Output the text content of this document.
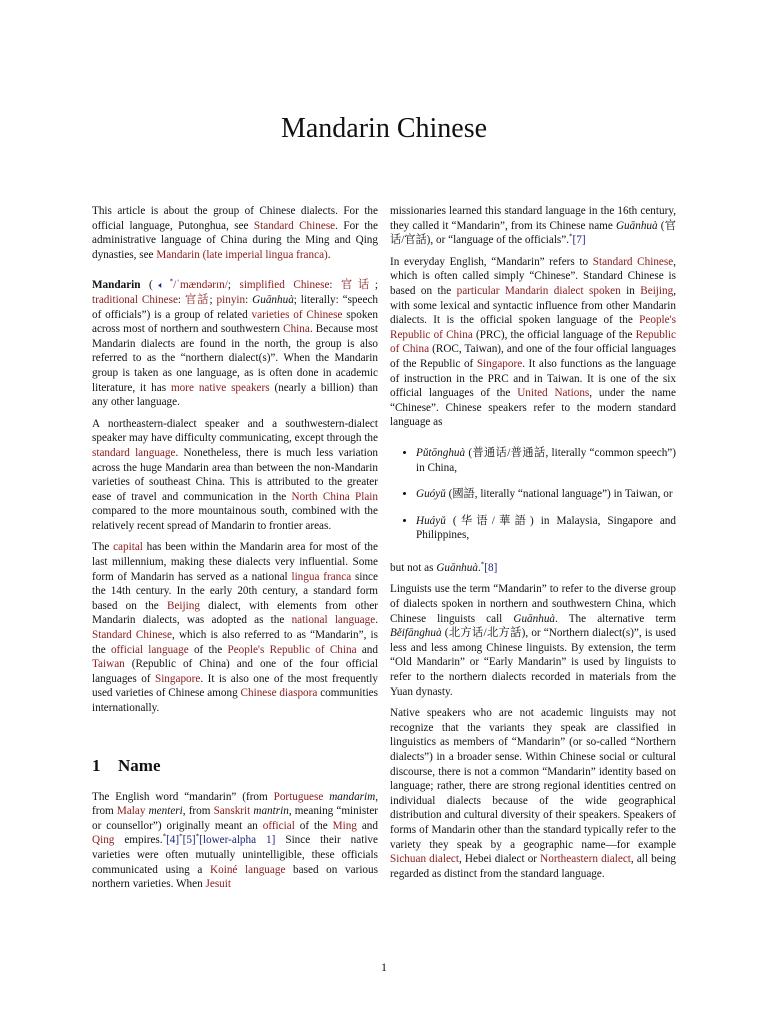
Mandarin Chinese

This article is about the group of Chinese dialects. For the official language, Putonghua, see Standard Chinese. For the administrative language of China during the Ming and Qing dynasties, see Mandarin (late imperial lingua franca).

Mandarin (🔈︎*/ˈmændərɪn/; simplified Chinese: 官话; traditional Chinese: 官話; pinyin: Guānhuà; literally: “speech of officials”) is a group of related varieties of Chinese spoken across most of northern and southwestern China. Because most Mandarin dialects are found in the north, the group is also referred to as the “northern dialect(s)”. When the Mandarin group is taken as one language, as is often done in academic literature, it has more native speakers (nearly a billion) than any other language.

A northeastern-dialect speaker and a southwestern-dialect speaker may have difficulty communicating, except through the standard language. Nonetheless, there is much less variation across the huge Mandarin area than between the non-Mandarin varieties of southeast China. This is attributed to the greater ease of travel and communication in the North China Plain compared to the more mountainous south, combined with the relatively recent spread of Mandarin to frontier areas.

The capital has been within the Mandarin area for most of the last millennium, making these dialects very influential. Some form of Mandarin has served as a national lingua franca since the 14th century. In the early 20th century, a standard form based on the Beijing dialect, with elements from other Mandarin dialects, was adopted as the national language. Standard Chinese, which is also referred to as “Mandarin”, is the official language of the People's Republic of China and Taiwan (Republic of China) and one of the four official languages of Singapore. It is also one of the most frequently used varieties of Chinese among Chinese diaspora communities internationally.

1 Name

The English word “mandarin” (from Portuguese mandarim, from Malay menteri, from Sanskrit mantrin, meaning “minister or counsellor”) originally meant an official of the Ming and Qing empires.*[4]*[5]*[lower-alpha 1] Since their native varieties were often mutually unintelligible, these officials communicated using a Koiné language based on various northern varieties. When Jesuit

missionaries learned this standard language in the 16th century, they called it “Mandarin”, from its Chinese name Guānhuà (官话/官話), or “language of the officials”.*[7]

In everyday English, “Mandarin” refers to Standard Chinese, which is often called simply “Chinese”. Standard Chinese is based on the particular Mandarin dialect spoken in Beijing, with some lexical and syntactic influence from other Mandarin dialects. It is the official spoken language of the People's Republic of China (PRC), the official language of the Republic of China (ROC, Taiwan), and one of the four official languages of the Republic of Singapore. It also functions as the language of instruction in the PRC and in Taiwan. It is one of the six official languages of the United Nations, under the name “Chinese”. Chinese speakers refer to the modern standard language as

• Pǔtōnghuà (普通话/普通話, literally “common speech”) in China,
• Guóyǔ (國語, literally “national language”) in Taiwan, or
• Huáyǔ (华语/華語) in Malaysia, Singapore and Philippines,

but not as Guānhuà.*[8]

Linguists use the term “Mandarin” to refer to the diverse group of dialects spoken in northern and southwestern China, which Chinese linguists call Guānhuà. The alternative term Běifānghuà (北方话/北方話), or “Northern dialect(s)”, is used less and less among Chinese linguists. By extension, the term “Old Mandarin” or “Early Mandarin” is used by linguists to refer to the northern dialects recorded in materials from the Yuan dynasty.

Native speakers who are not academic linguists may not recognize that the variants they speak are classified in linguistics as members of “Mandarin” (or so-called “Northern dialects”) in a broader sense. Within Chinese social or cultural discourse, there is not a common “Mandarin” identity based on language; rather, there are strong regional identities centred on individual dialects because of the wide geographical distribution and cultural diversity of their speakers. Speakers of forms of Mandarin other than the standard typically refer to the variety they speak by a geographic name—for example Sichuan dialect, Hebei dialect or Northeastern dialect, all being regarded as distinct from the standard language.

1
